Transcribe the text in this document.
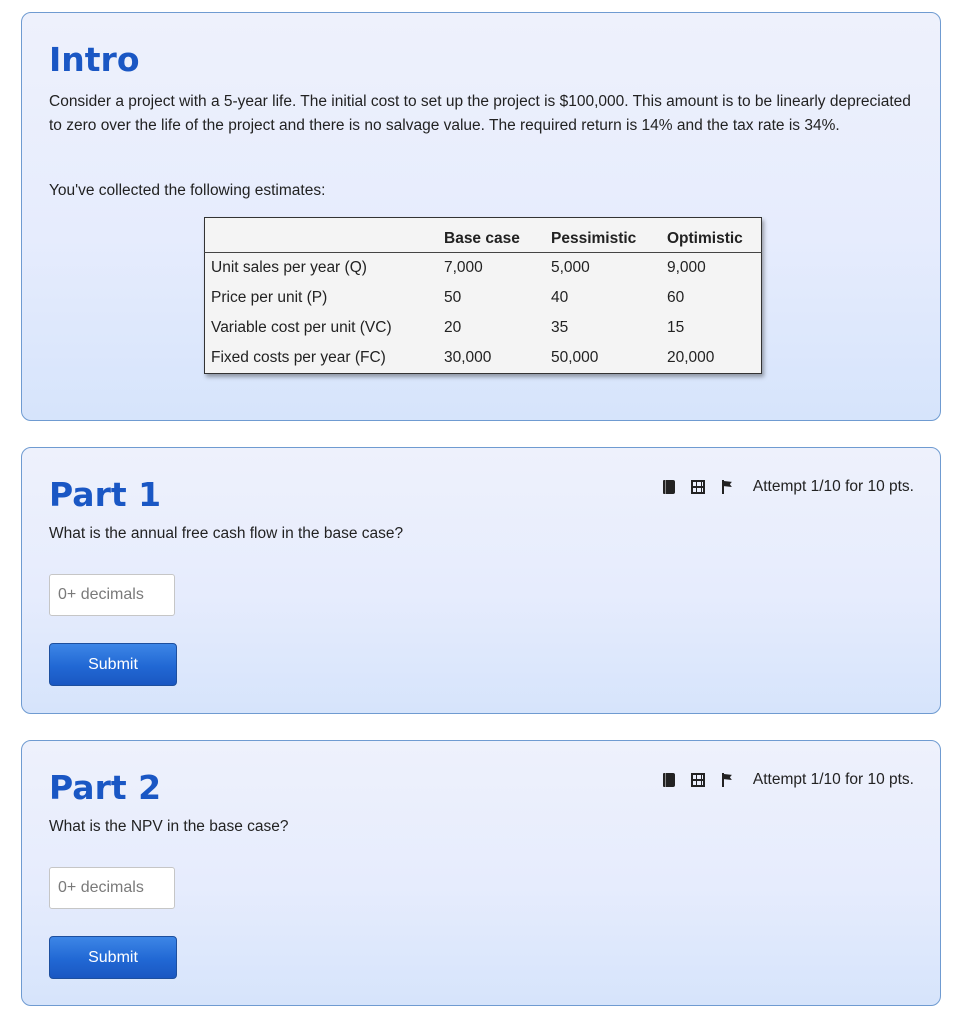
Intro

Consider a project with a 5-year life. The initial cost to set up the project is $100,000. This amount is to be linearly depreciated to zero over the life of the project and there is no salvage value. The required return is 14% and the tax rate is 34%.

You've collected the following estimates:

	Base case	Pessimistic	Optimistic
Unit sales per year (Q)	7,000	5,000	9,000
Price per unit (P)	50	40	60
Variable cost per unit (VC)	20	35	15
Fixed costs per year (FC)	30,000	50,000	20,000
Part 1	Attempt 1/10 for 10 pts.

What is the annual free cash flow in the base case?

0+ decimals
Submit
Part 2	Attempt 1/10 for 10 pts.

What is the NPV in the base case?

0+ decimals
Submit
